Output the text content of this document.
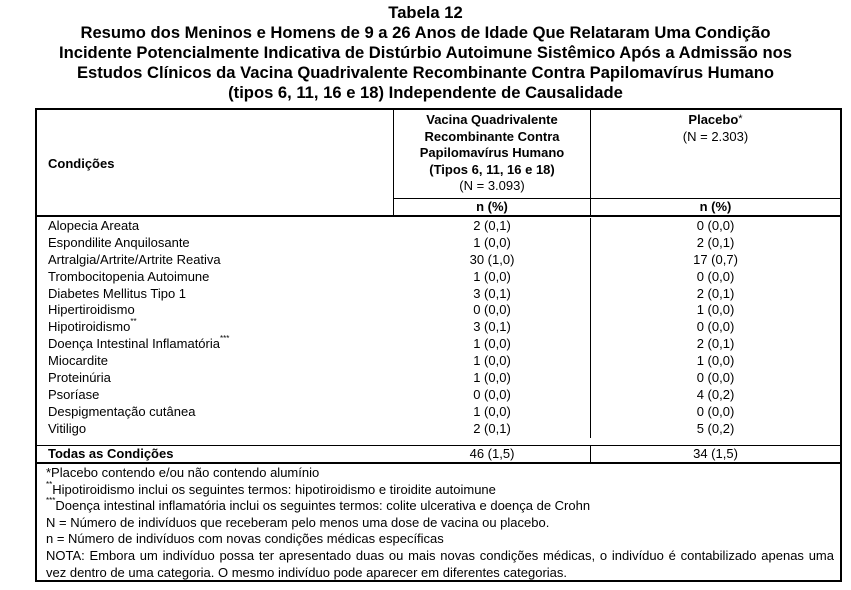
Tabela 12
Resumo dos Meninos e Homens de 9 a 26 Anos de Idade Que Relataram Uma Condição
Incidente Potencialmente Indicativa de Distúrbio Autoimune Sistêmico Após a Admissão nos
Estudos Clínicos da Vacina Quadrivalente Recombinante Contra Papilomavírus Humano
(tipos 6, 11, 16 e 18) Independente de Causalidade
Condições
Vacina Quadrivalente
Recombinante Contra
Papilomavírus Humano
(Tipos 6, 11, 16 e 18)
(N = 3.093)
Placebo*
(N = 2.303)
n (%)	n (%)
Alopecia Areata	2 (0,1)	0 (0,0)
Espondilite Anquilosante	1 (0,0)	2 (0,1)
Artralgia/Artrite/Artrite Reativa	30 (1,0)	17 (0,7)
Trombocitopenia Autoimune	1 (0,0)	0 (0,0)
Diabetes Mellitus Tipo 1	3 (0,1)	2 (0,1)
Hipertiroidismo	0 (0,0)	1 (0,0)
Hipotiroidismo**	3 (0,1)	0 (0,0)
Doença Intestinal Inflamatória***	1 (0,0)	2 (0,1)
Miocardite	1 (0,0)	1 (0,0)
Proteinúria	1 (0,0)	0 (0,0)
Psoríase	0 (0,0)	4 (0,2)
Despigmentação cutânea	1 (0,0)	0 (0,0)
Vitiligo	2 (0,1)	5 (0,2)
Todas as Condições	46 (1,5)	34 (1,5)
*Placebo contendo e/ou não contendo alumínio
**Hipotiroidismo inclui os seguintes termos: hipotiroidismo e tiroidite autoimune
***Doença intestinal inflamatória inclui os seguintes termos: colite ulcerativa e doença de Crohn
N = Número de indivíduos que receberam pelo menos uma dose de vacina ou placebo.
n = Número de indivíduos com novas condições médicas específicas
NOTA: Embora um indivíduo possa ter apresentado duas ou mais novas condições médicas, o indivíduo é contabilizado apenas uma vez dentro de uma categoria. O mesmo indivíduo pode aparecer em diferentes categorias.
